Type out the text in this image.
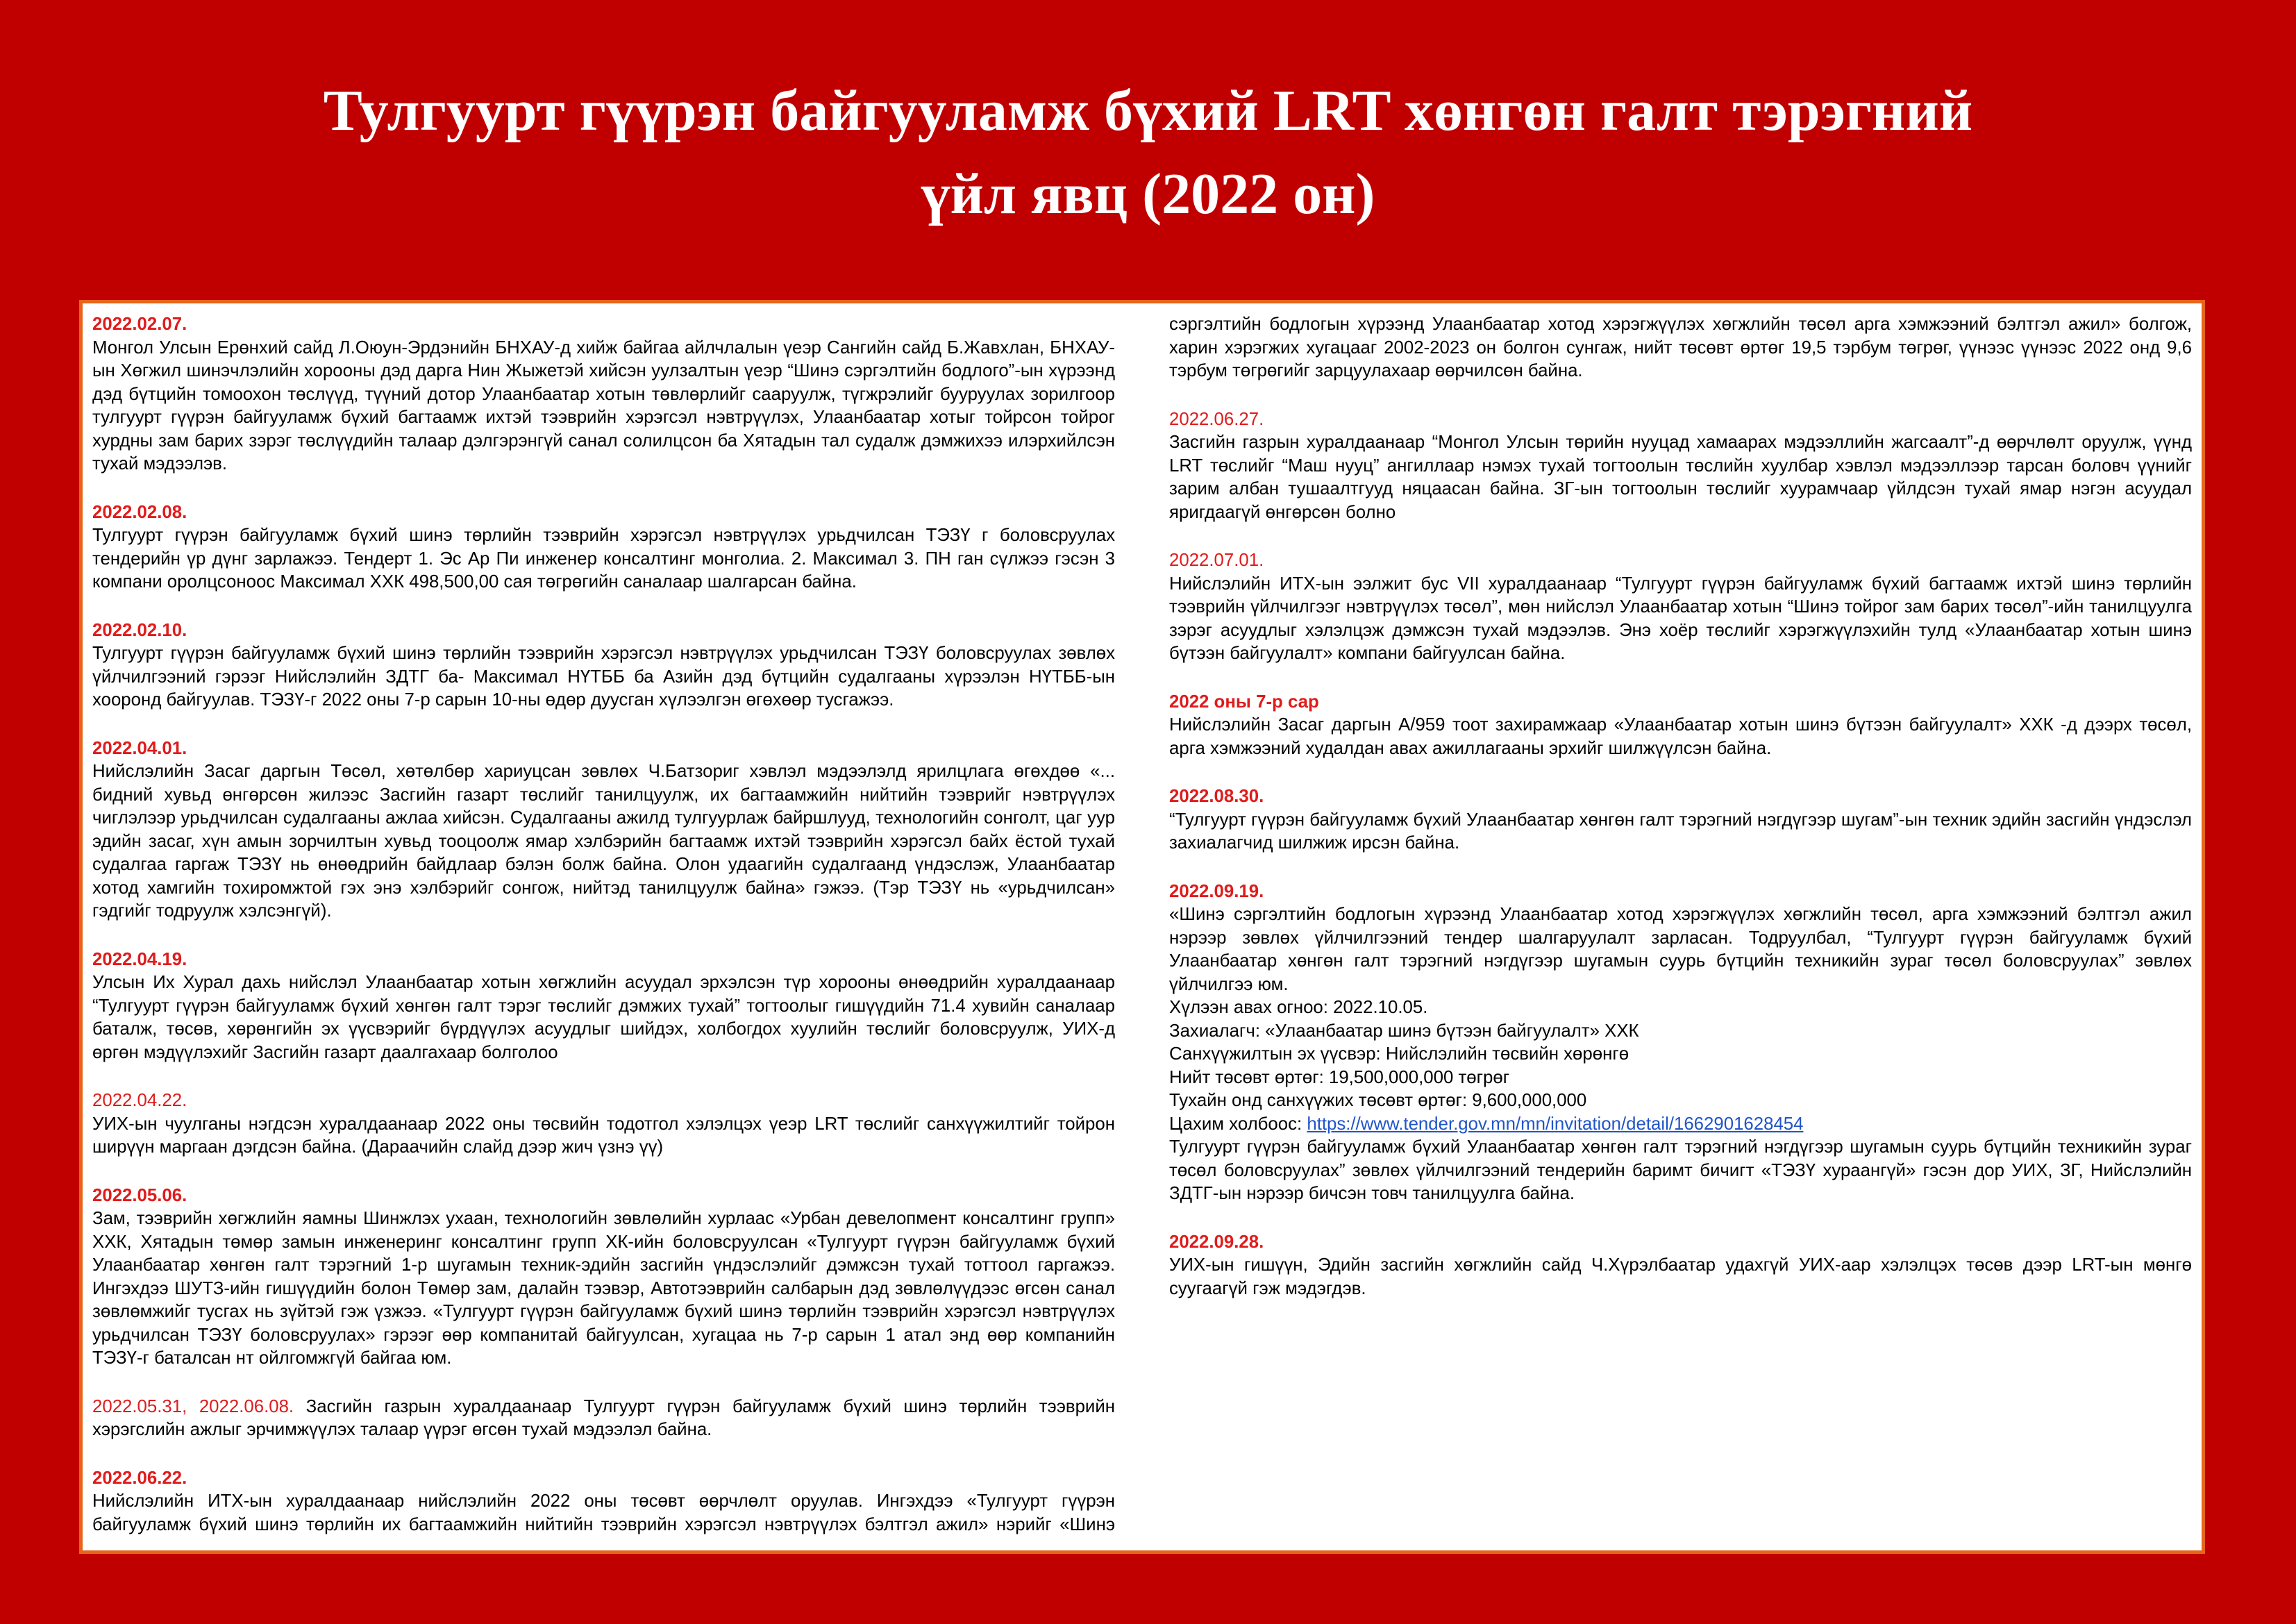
Тулгуурт гүүрэн байгууламж бүхий LRT хөнгөн галт тэрэгний
үйл явц (2022 он)
2022.02.07.
Монгол Улсын Ерөнхий сайд Л.Оюун-Эрдэнийн БНХАУ-д хийж байгаа айлчлалын үеэр Сангийн сайд Б.Жавхлан, БНХАУ-ын Хөгжил шинэчлэлийн хорооны дэд дарга Нин Жыжетэй хийсэн уулзалтын үеэр “Шинэ сэргэлтийн бодлого”-ын хүрээнд дэд бүтцийн томоохон төслүүд, түүний дотор Улаанбаатар хотын төвлөрлийг сааруулж, түгжрэлийг бууруулах зорилгоор тулгуурт гүүрэн байгууламж бүхий багтаамж ихтэй тээврийн хэрэгсэл нэвтрүүлэх, Улаанбаатар хотыг тойрсон тойрог хурдны зам барих зэрэг төслүүдийн талаар дэлгэрэнгүй санал солилцсон ба Хятадын тал судалж дэмжихээ илэрхийлсэн тухай мэдээлэв.
2022.02.08.
Тулгуурт гүүрэн байгууламж бүхий шинэ төрлийн тээврийн хэрэгсэл нэвтрүүлэх урьдчилсан ТЭЗҮ г боловсруулах тендерийн үр дүнг зарлажээ. Тендерт 1. Эс Ар Пи инженер консалтинг монголиа. 2. Максимал 3. ПН ган сүлжээ гэсэн 3 компани оролцсоноос Максимал ХХК 498,500,00 сая төгрөгийн саналаар шалгарсан байна.
2022.02.10.
Тулгуурт гүүрэн байгууламж бүхий шинэ төрлийн тээврийн хэрэгсэл нэвтрүүлэх урьдчилсан ТЭЗҮ боловсруулах зөвлөх үйлчилгээний гэрээг Нийслэлийн ЗДТГ ба- Максимал НҮТББ ба Азийн дэд бүтцийн судалгааны хүрээлэн НҮТББ-ын хооронд байгуулав. ТЭЗҮ-г 2022 оны 7-р сарын 10-ны өдөр дуусган хүлээлгэн өгөхөөр тусгажээ.
2022.04.01.
Нийслэлийн Засаг даргын Төсөл, хөтөлбөр хариуцсан зөвлөх Ч.Батзориг хэвлэл мэдээлэлд ярилцлага өгөхдөө «... бидний хувьд өнгөрсөн жилээс Засгийн газарт төслийг танилцуулж, их багтаамжийн нийтийн тээврийг нэвтрүүлэх чиглэлээр урьдчилсан судалгааны ажлаа хийсэн. Судалгааны ажилд тулгуурлаж байршлууд, технологийн сонголт, цаг уур эдийн засаг, хүн амын зорчилтын хувьд тооцоолж ямар хэлбэрийн багтаамж ихтэй тээврийн хэрэгсэл байх ёстой тухай судалгаа гаргаж ТЭЗҮ нь өнөөдрийн байдлаар бэлэн болж байна. Олон удаагийн судалгаанд үндэслэж, Улаанбаатар хотод хамгийн тохиромжтой гэх энэ хэлбэрийг сонгож, нийтэд танилцуулж байна» гэжээ. (Тэр ТЭЗҮ нь «урьдчилсан» гэдгийг тодруулж хэлсэнгүй).
2022.04.19.
Улсын Их Хурал дахь нийслэл Улаанбаатар хотын хөгжлийн асуудал эрхэлсэн түр хорооны өнөөдрийн хуралдаанаар “Тулгуурт гүүрэн байгууламж бүхий хөнгөн галт тэрэг төслийг дэмжих тухай” тогтоолыг гишүүдийн 71.4 хувийн саналаар баталж, төсөв, хөрөнгийн эх үүсвэрийг бүрдүүлэх асуудлыг шийдэх, холбогдох хуулийн төслийг боловсруулж, УИХ-д өргөн мэдүүлэхийг Засгийн газарт даалгахаар болголоо
2022.04.22.
УИХ-ын чуулганы нэгдсэн хуралдаанаар 2022 оны төсвийн тодотгол хэлэлцэх үеэр LRT төслийг санхүүжилтийг тойрон ширүүн маргаан дэгдсэн байна. (Дараачийн слайд дээр жич үзнэ үү)
2022.05.06.
Зам, тээврийн хөгжлийн яамны Шинжлэх ухаан, технологийн зөвлөлийн хурлаас «Урбан девелопмент консалтинг групп» ХХК, Хятадын төмөр замын инженеринг консалтинг групп ХК-ийн боловсруулсан «Тулгуурт гүүрэн байгууламж бүхий Улаанбаатар хөнгөн галт тэрэгний 1-р шугамын техник-эдийн засгийн үндэслэлийг дэмжсэн тухай тоттоол гаргажээ. Ингэхдээ ШУТЗ-ийн гишүүдийн болон Төмөр зам, далайн тээвэр, Автотээврийн салбарын дэд зөвлөлүүдээс өгсөн санал зөвлөмжийг тусгах нь зүйтэй гэж үзжээ. «Тулгуурт гүүрэн байгууламж бүхий шинэ төрлийн тээврийн хэрэгсэл нэвтрүүлэх урьдчилсан ТЭЗҮ боловсруулах» гэрээг өөр компанитай байгуулсан, хугацаа нь 7-р сарын 1 атал энд өөр компанийн ТЭЗҮ-г баталсан нт ойлгомжгүй байгаа юм.
2022.05.31, 2022.06.08. Засгийн газрын хуралдаанаар Тулгуурт гүүрэн байгууламж бүхий шинэ төрлийн тээврийн хэрэгслийн ажлыг эрчимжүүлэх талаар үүрэг өгсөн тухай мэдээлэл байна.
2022.06.22.
Нийслэлийн ИТХ-ын хуралдаанаар нийслэлийн 2022 оны төсөвт өөрчлөлт оруулав. Ингэхдээ «Тулгуурт гүүрэн байгууламж бүхий шинэ төрлийн их багтаамжийн нийтийн тээврийн хэрэгсэл нэвтрүүлэх бэлтгэл ажил» нэрийг «Шинэ сэргэлтийн бодлогын хүрээнд Улаанбаатар хотод хэрэгжүүлэх хөгжлийн төсөл арга хэмжээний бэлтгэл ажил» болгож, харин хэрэгжих хугацааг 2002-2023 он болгон сунгаж, нийт төсөвт өртөг 19,5 тэрбум төгрөг, үүнээс үүнээс 2022 онд 9,6 тэрбум төгрөгийг зарцуулахаар өөрчилсөн байна.
2022.06.27.
Засгийн газрын хуралдаанаар “Монгол Улсын төрийн нууцад хамаарах мэдээллийн жагсаалт”-д өөрчлөлт оруулж, үүнд LRT төслийг “Маш нууц” ангиллаар нэмэх тухай тогтоолын төслийн хуулбар хэвлэл мэдээллээр тарсан боловч үүнийг зарим албан тушаалтгууд няцаасан байна. ЗГ-ын тогтоолын төслийг хуурамчаар үйлдсэн тухай ямар нэгэн асуудал яригдаагүй өнгөрсөн болно
2022.07.01.
Нийслэлийн ИТХ-ын ээлжит бус VII хуралдаанаар “Тулгуурт гүүрэн байгууламж бүхий багтаамж ихтэй шинэ төрлийн тээврийн үйлчилгээг нэвтрүүлэх төсөл”, мөн нийслэл Улаанбаатар хотын “Шинэ тойрог зам барих төсөл”-ийн танилцуулга зэрэг асуудлыг хэлэлцэж дэмжсэн тухай мэдээлэв. Энэ хоёр төслийг хэрэгжүүлэхийн тулд «Улаанбаатар хотын шинэ бүтээн байгуулалт» компани байгуулсан байна.
2022 оны 7-р сар
Нийслэлийн Засаг даргын А/959 тоот захирамжаар «Улаанбаатар хотын шинэ бүтээн байгуулалт» ХХК -д дээрх төсөл, арга хэмжээний худалдан авах ажиллагааны эрхийг шилжүүлсэн байна.
2022.08.30.
“Тулгуурт гүүрэн байгууламж бүхий Улаанбаатар хөнгөн галт тэрэгний нэгдүгээр шугам”-ын техник эдийн засгийн үндэслэл захиалагчид шилжиж ирсэн байна.
2022.09.19.
«Шинэ сэргэлтийн бодлогын хүрээнд Улаанбаатар хотод хэрэгжүүлэх хөгжлийн төсөл, арга хэмжээний бэлтгэл ажил нэрээр зөвлөх үйлчилгээний тендер шалгаруулалт зарласан. Тодруулбал, “Тулгуурт гүүрэн байгууламж бүхий Улаанбаатар хөнгөн галт тэрэгний нэгдүгээр шугамын суурь бүтцийн техникийн зураг төсөл боловсруулах” зөвлөх үйлчилгээ юм.
Хүлээн авах огноо: 2022.10.05.
Захиалагч: «Улаанбаатар шинэ бүтээн байгуулалт» ХХК
Санхүүжилтын эх үүсвэр: Нийслэлийн төсвийн хөрөнгө
Нийт төсөвт өртөг: 19,500,000,000 төгрөг
Тухайн онд санхүүжих төсөвт өртөг: 9,600,000,000
Цахим холбоос: https://www.tender.gov.mn/mn/invitation/detail/1662901628454
Тулгуурт гүүрэн байгууламж бүхий Улаанбаатар хөнгөн галт тэрэгний нэгдүгээр шугамын суурь бүтцийн техникийн зураг төсөл боловсруулах” зөвлөх үйлчилгээний тендерийн баримт бичигт «ТЭЗҮ хураангүй» гэсэн дор УИХ, ЗГ, Нийслэлийн ЗДТГ-ын нэрээр бичсэн товч танилцуулга байна.
2022.09.28.
УИХ-ын гишүүн, Эдийн засгийн хөгжлийн сайд Ч.Хүрэлбаатар удахгүй УИХ-аар хэлэлцэх төсөв дээр LRT-ын мөнгө суугаагүй гэж мэдэгдэв.
